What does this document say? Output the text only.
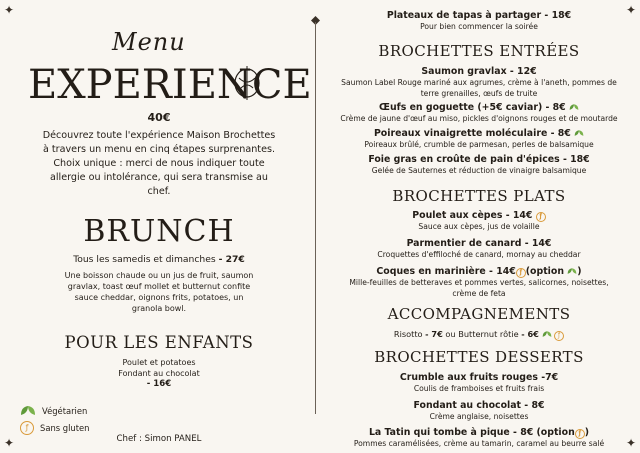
✦	✦
✦	✦
Menu
EXPERIENCE
40€
Découvrez toute l'expérience Maison Brochettes
à travers un menu en cinq étapes surprenantes.
Choix unique : merci de nous indiquer toute
allergie ou intolérance, qui sera transmise au
chef.
BRUNCH
Tous les samedis et dimanches - 27€
Une boisson chaude ou un jus de fruit, saumon
gravlax, toast œuf mollet et butternut confite
sauce cheddar, oignons frits, potatoes, un
granola bowl.
POUR LES ENFANTS
Poulet et potatoes
Fondant au chocolat
- 16€
Végétarien
ƒ	Sans gluten
Chef : Simon PANEL
Plateaux de tapas à partager - 18€
Pour bien commencer la soirée
BROCHETTES ENTRÉES
Saumon gravlax - 12€
Saumon Label Rouge mariné aux agrumes, crème à l'aneth, pommes de
terre grenailles, œufs de truite
Œufs en goguette (+5€ caviar) - 8€
Crème de jaune d'œuf au miso, pickles d'oignons rouges et de moutarde
Poireaux vinaigrette moléculaire - 8€
Poireaux brûlé, crumble de parmesan, perles de balsamique
Foie gras en croûte de pain d'épices - 18€
Gelée de Sauternes et réduction de vinaigre balsamique
BROCHETTES PLATS
Poulet aux cèpes - 14€ ƒ
Sauce aux cèpes, jus de volaille
Parmentier de canard - 14€
Croquettes d'effiloché de canard, mornay au cheddar
Coques en marinière - 14€ ƒ (option )
Mille-feuilles de betteraves et pommes vertes, salicornes, noisettes,
crème de feta
ACCOMPAGNEMENTS
Risotto - 7€ ou Butternut rôtie - 6€	ƒ
BROCHETTES DESSERTS
Crumble aux fruits rouges -7€
Coulis de framboises et fruits frais
Fondant au chocolat - 8€
Crème anglaise, noisettes
La Tatin qui tombe à pique - 8€ (option ƒ )
Pommes caramélisées, crème au tamarin, caramel au beurre salé
